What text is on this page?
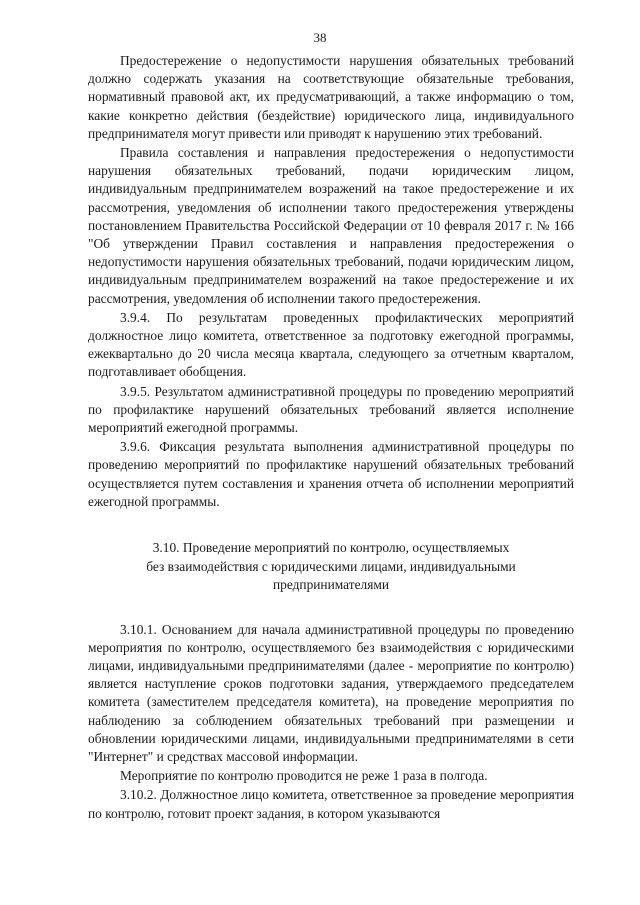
38

Предостережение о недопустимости нарушения обязательных требований должно содержать указания на соответствующие обязательные требования, нормативный правовой акт, их предусматривающий, а также информацию о том, какие конкретно действия (бездействие) юридического лица, индивидуального предпринимателя могут привести или приводят к нарушению этих требований.

Правила составления и направления предостережения о недопустимости нарушения обязательных требований, подачи юридическим лицом, индивидуальным предпринимателем возражений на такое предостережение и их рассмотрения, уведомления об исполнении такого предостережения утверждены постановлением Правительства Российской Федерации от 10 февраля 2017 г. № 166 "Об утверждении Правил составления и направления предостережения о недопустимости нарушения обязательных требований, подачи юридическим лицом, индивидуальным предпринимателем возражений на такое предостережение и их рассмотрения, уведомления об исполнении такого предостережения.

3.9.4. По результатам проведенных профилактических мероприятий должностное лицо комитета, ответственное за подготовку ежегодной программы, ежеквартально до 20 числа месяца квартала, следующего за отчетным кварталом, подготавливает обобщения.

3.9.5. Результатом административной процедуры по проведению мероприятий по профилактике нарушений обязательных требований является исполнение мероприятий ежегодной программы.

3.9.6. Фиксация результата выполнения административной процедуры по проведению мероприятий по профилактике нарушений обязательных требований осуществляется путем составления и хранения отчета об исполнении мероприятий ежегодной программы.

3.10. Проведение мероприятий по контролю, осуществляемых
без взаимодействия с юридическими лицами, индивидуальными
предпринимателями

3.10.1. Основанием для начала административной процедуры по проведению мероприятия по контролю, осуществляемого без взаимодействия с юридическими лицами, индивидуальными предпринимателями (далее - мероприятие по контролю) является наступление сроков подготовки задания, утверждаемого председателем комитета (заместителем председателя комитета), на проведение мероприятия по наблюдению за соблюдением обязательных требований при размещении и обновлении юридическими лицами, индивидуальными предпринимателями в сети "Интернет" и средствах массовой информации.

Мероприятие по контролю проводится не реже 1 раза в полгода.

3.10.2. Должностное лицо комитета, ответственное за проведение мероприятия по контролю, готовит проект задания, в котором указываются
